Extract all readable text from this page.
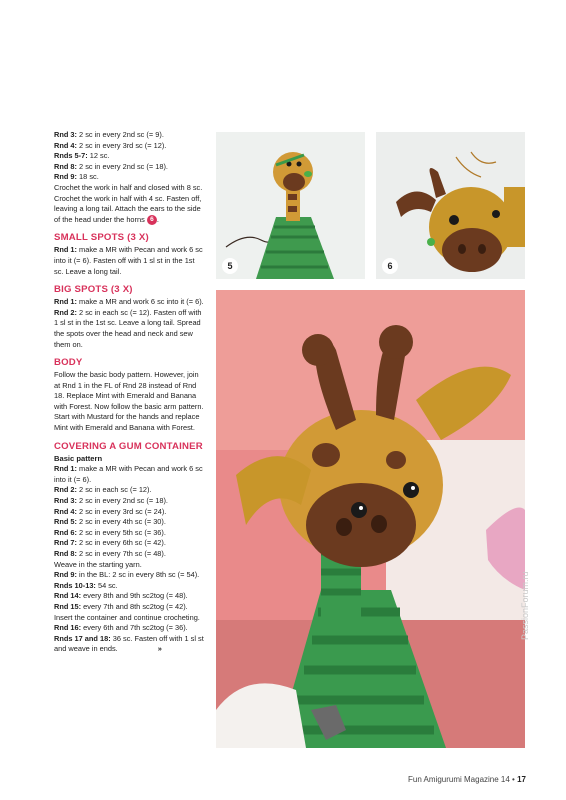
Rnd 3: 2 sc in every 2nd sc (= 9).

Rnd 4: 2 sc in every 3rd sc (= 12).

Rnds 5-7: 12 sc.

Rnd 8: 2 sc in every 2nd sc (= 18).

Rnd 9: 18 sc.

Crochet the work in half and closed with 8 sc. Crochet the work in half with 4 sc. Fasten off, leaving a long tail. Attach the ears to the side of the head under the horns 6 .

SMALL SPOTS (3 X)

Rnd 1: make a MR with Pecan and work 6 sc into it (= 6). Fasten off with 1 sl st in the 1st sc. Leave a long tail.

BIG SPOTS (3 X)

Rnd 1: make a MR and work 6 sc into it (= 6).

Rnd 2: 2 sc in each sc (= 12). Fasten off with 1 sl st in the 1st sc. Leave a long tail. Spread the spots over the head and neck and sew them on.

BODY

Follow the basic body pattern. However, join at Rnd 1 in the FL of Rnd 28 instead of Rnd 18. Replace Mint with Emerald and Banana with Forest. Now follow the basic arm pattern. Start with Mustard for the hands and replace Mint with Emerald and Banana with Forest.

COVERING A GUM CONTAINER
Basic pattern

Rnd 1: make a MR with Pecan and work 6 sc into it (= 6).

Rnd 2: 2 sc in each sc (= 12).

Rnd 3: 2 sc in every 2nd sc (= 18).

Rnd 4: 2 sc in every 3rd sc (= 24).

Rnd 5: 2 sc in every 4th sc (= 30).

Rnd 6: 2 sc in every 5th sc (= 36).

Rnd 7: 2 sc in every 6th sc (= 42).

Rnd 8: 2 sc in every 7th sc (= 48).

Weave in the starting yarn.

Rnd 9: in the BL: 2 sc in every 8th sc (= 54).

Rnds 10-13: 54 sc.

Rnd 14: every 8th and 9th sc2tog (= 48).

Rnd 15: every 7th and 8th sc2tog (= 42).

Insert the container and continue crocheting.

Rnd 16: every 6th and 7th sc2tog (= 36).

Rnds 17 and 18: 36 sc. Fasten off with 1 sl st and weave in ends.	»

5	6
Fun Amigurumi Magazine 14 • 17
PassionForum.ru
